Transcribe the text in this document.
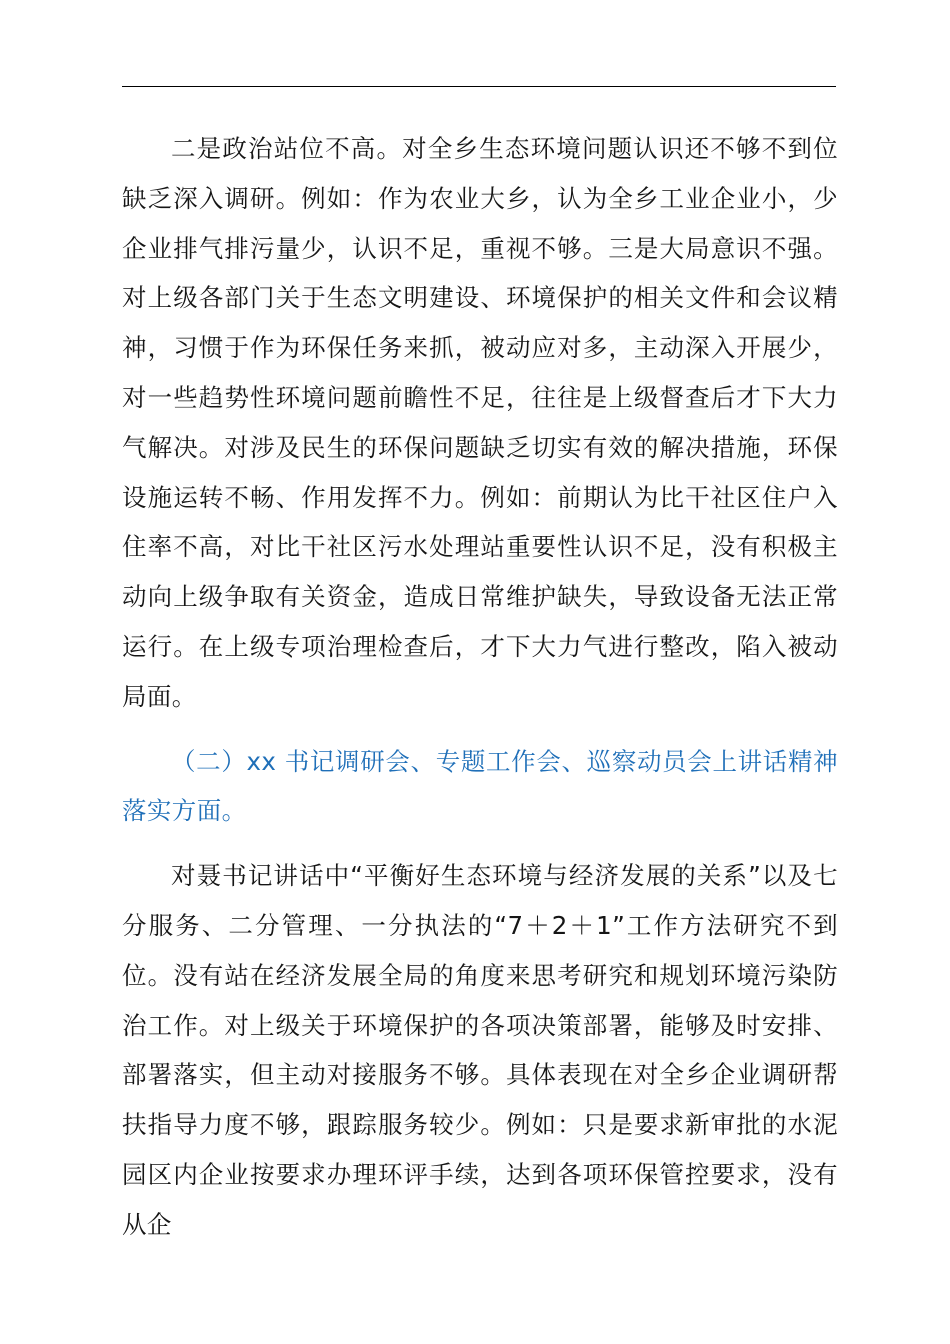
二是政治站位不高。对全乡生态环境问题认识还不够不到位缺乏深入调研。例如：作为农业大乡，认为全乡工业企业小，少企业排气排污量少，认识不足，重视不够。三是大局意识不强。对上级各部门关于生态文明建设、环境保护的相关文件和会议精神，习惯于作为环保任务来抓，被动应对多，主动深入开展少，对一些趋势性环境问题前瞻性不足，往往是上级督查后才下大力气解决。对涉及民生的环保问题缺乏切实有效的解决措施，环保设施运转不畅、作用发挥不力。例如：前期认为比干社区住户入住率不高，对比干社区污水处理站重要性认识不足，没有积极主动向上级争取有关资金，造成日常维护缺失，导致设备无法正常运行。在上级专项治理检查后，才下大力气进行整改，陷入被动局面。

（二）xx 书记调研会、专题工作会、巡察动员会上讲话精神落实方面。

对聂书记讲话中“平衡好生态环境与经济发展的关系”以及七分服务、二分管理、一分执法的“7＋2＋1”工作方法研究不到位。没有站在经济发展全局的角度来思考研究和规划环境污染防治工作。对上级关于环境保护的各项决策部署，能够及时安排、部署落实，但主动对接服务不够。具体表现在对全乡企业调研帮扶指导力度不够，跟踪服务较少。例如：只是要求新审批的水泥园区内企业按要求办理环评手续，达到各项环保管控要求，没有从企
